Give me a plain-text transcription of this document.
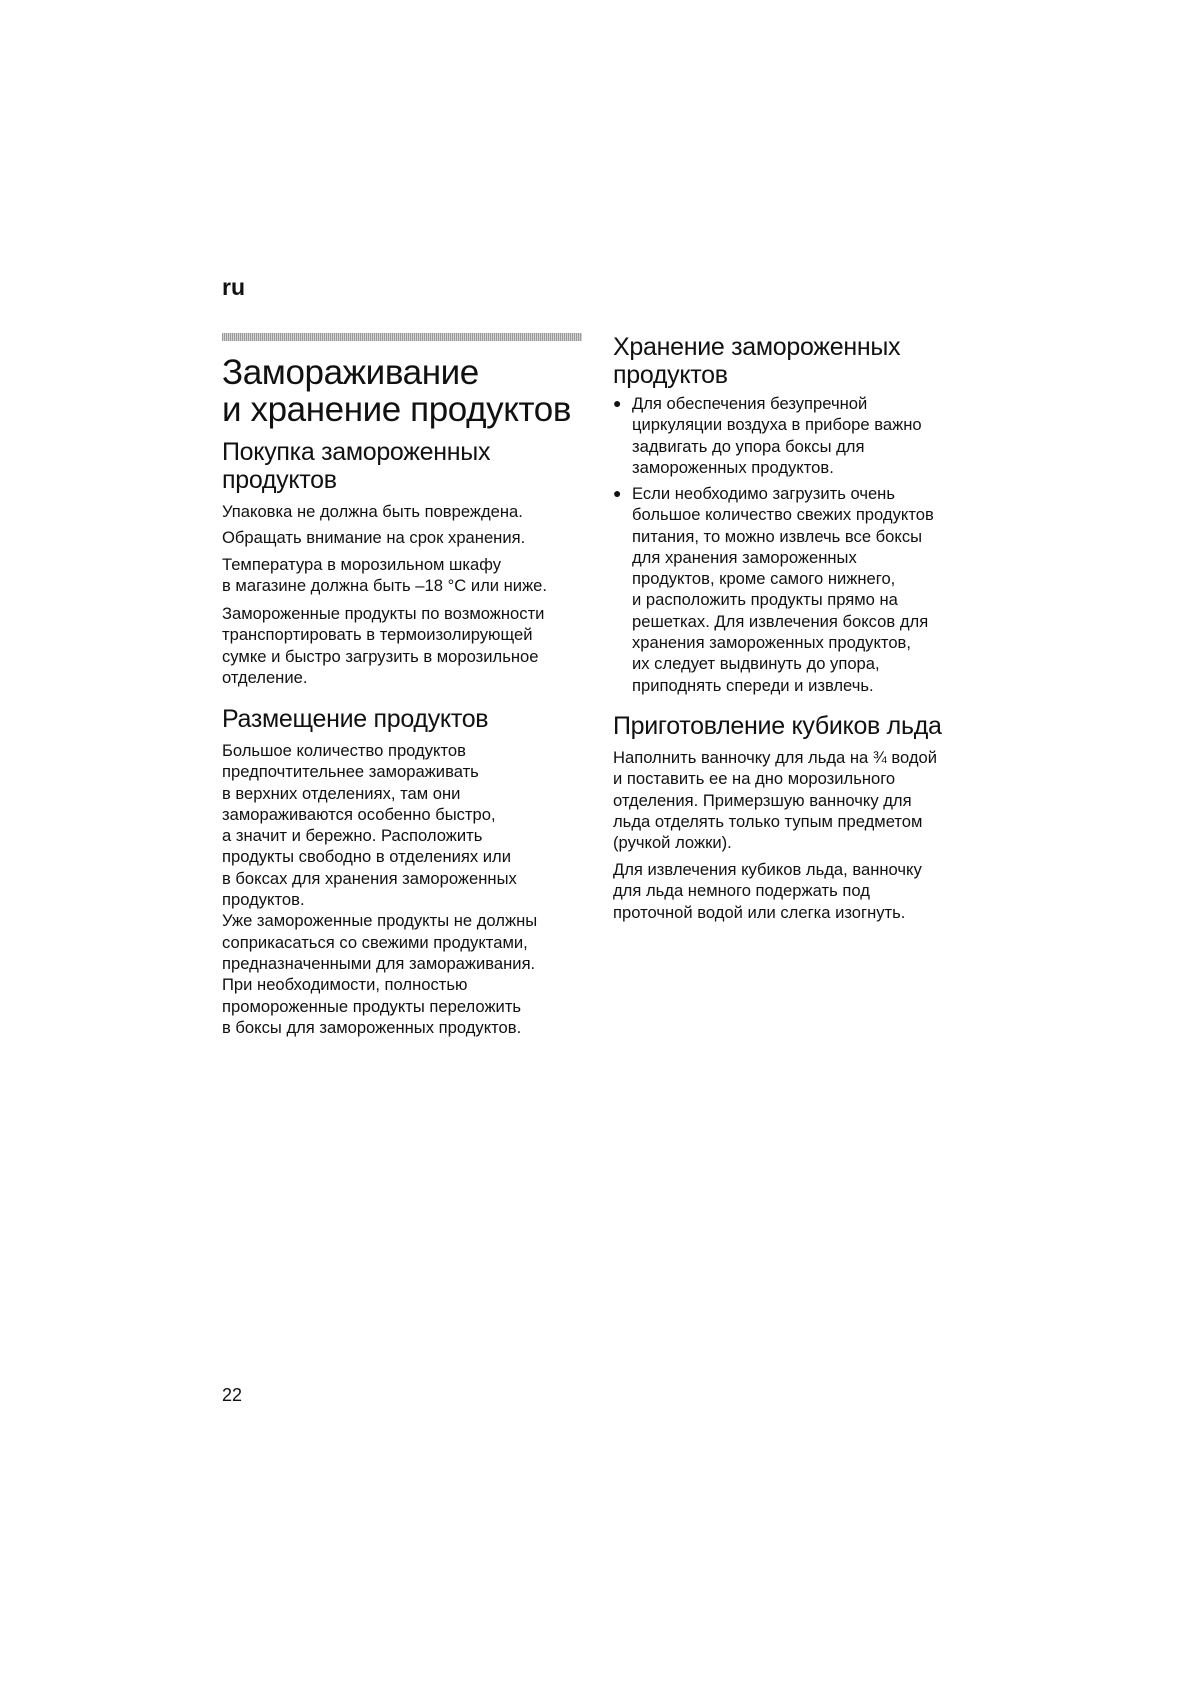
ru
Замораживание
и хранение продуктов
Покупка замороженных
продуктов

Упаковка не должна быть повреждена.

Обращать внимание на срок хранения.

Температура в морозильном шкафу
в магазине должна быть –18 °C или ниже.

Замороженные продукты по возможности
транспортировать в термоизолирующей
сумке и быстро загрузить в морозильное
отделение.

Размещение продуктов

Большое количество продуктов
предпочтительнее замораживать
в верхних отделениях, там они
замораживаются особенно быстро,
а значит и бережно. Расположить
продукты свободно в отделениях или
в боксах для хранения замороженных
продуктов.
Уже замороженные продукты не должны
соприкасаться со свежими продуктами,
предназначенными для замораживания.
При необходимости, полностью
промороженные продукты переложить
в боксы для замороженных продуктов.

Хранение замороженных
продуктов
● Для обеспечения безупречной
циркуляции воздуха в приборе важно
задвигать до упора боксы для
замороженных продуктов.
● Если необходимо загрузить очень
большое количество свежих продуктов
питания, то можно извлечь все боксы
для хранения замороженных
продуктов, кроме самого нижнего,
и расположить продукты прямо на
решетках. Для извлечения боксов для
хранения замороженных продуктов,
их следует выдвинуть до упора,
приподнять спереди и извлечь.
Приготовление кубиков льда

Наполнить ванночку для льда на ¾ водой
и поставить ее на дно морозильного
отделения. Примерзшую ванночку для
льда отделять только тупым предметом
(ручкой ложки).

Для извлечения кубиков льда, ванночку
для льда немного подержать под
проточной водой или слегка изогнуть.

22
